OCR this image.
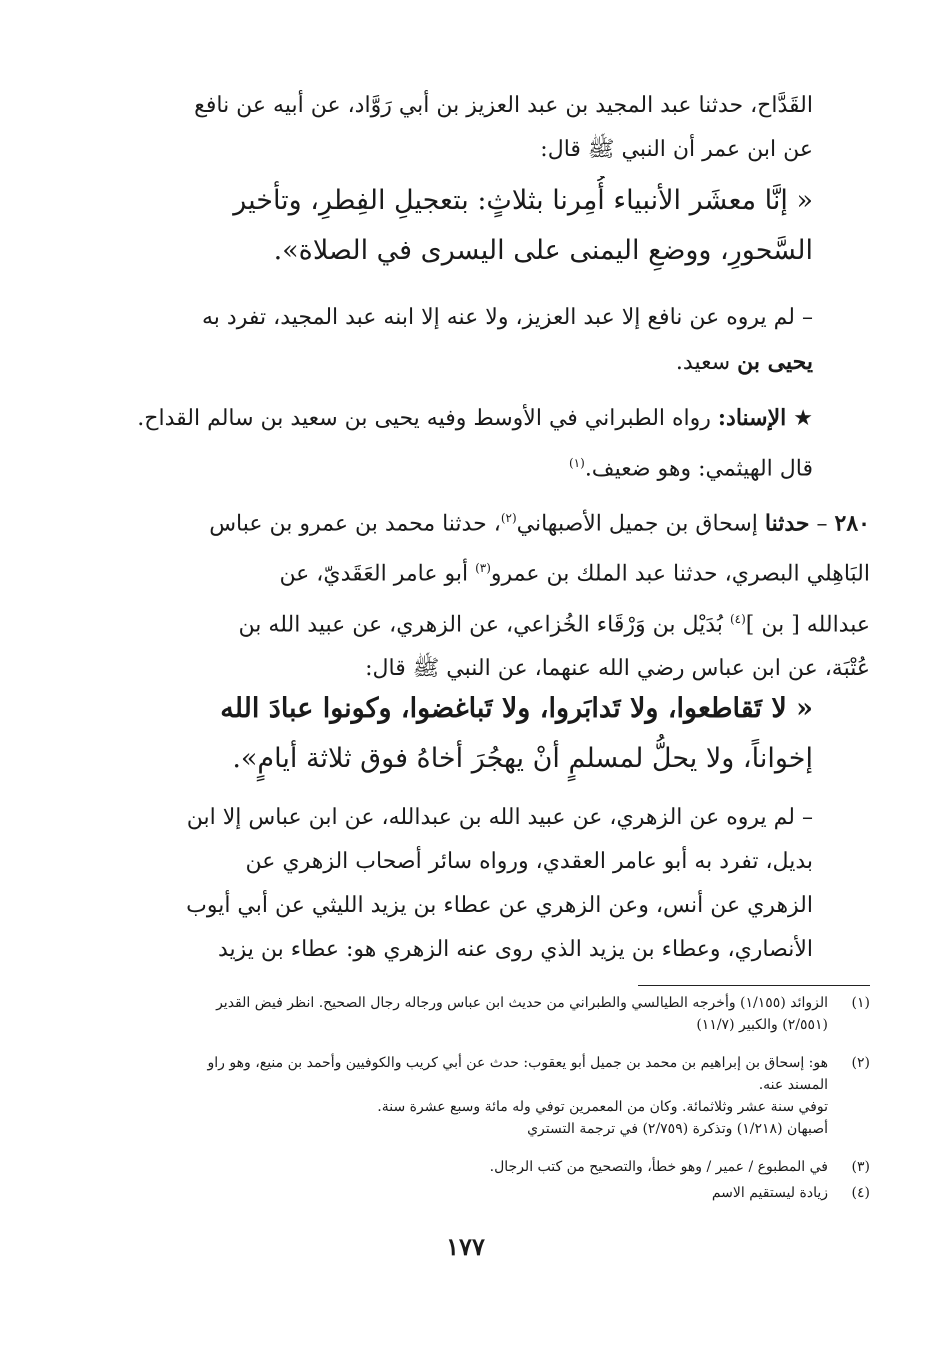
القَدَّاح، حدثنا عبد المجيد بن عبد العزيز بن أبي رَوَّاد، عن أبيه عن نافع
عن ابن عمر أن النبي ﷺ قال:
« إنَّا معشَر الأنبياء أُمِرنا بثلاثٍ: بتعجيلِ الفِطرِ، وتأخير
السَّحورِ، ووضعِ اليمنى على اليسرى في الصلاة».
– لم يروه عن نافع إلا عبد العزيز، ولا عنه إلا ابنه عبد المجيد، تفرد به
يحيى بن سعيد.
★ الإسناد: رواه الطبراني في الأوسط وفيه يحيى بن سعيد بن سالم القداح.
قال الهيثمي: وهو ضعيف.$^{(١)}$
٢٨٠ – حدثنا إسحاق بن جميل الأصبهاني$^{(٢)}$، حدثنا محمد بن عمرو بن عباس
البَاهِلي البصري، حدثنا عبد الملك بن عمرو$^{(٣)}$ أبو عامر العَقَديّ، عن
عبدالله [ بن ]$^{(٤)}$ بُدَيْل بن وَرْقَاء الخُزاعي، عن الزهري، عن عبيد الله بن
عُتْبَة، عن ابن عباس رضي الله عنهما، عن النبي ﷺ قال:
« لا تَقاطعوا، ولا تَدابَروا، ولا تَباغضوا، وكونوا عبادَ الله
إخواناً، ولا يحلُّ لمسلمٍ أنْ يهجُرَ أخاهُ فوق ثلاثة أيامٍ».
– لم يروه عن الزهري، عن عبيد الله بن عبدالله، عن ابن عباس إلا ابن
بديل، تفرد به أبو عامر العقدي، ورواه سائر أصحاب الزهري عن
الزهري عن أنس، وعن الزهري عن عطاء بن يزيد الليثي عن أبي أيوب
الأنصاري، وعطاء بن يزيد الذي روى عنه الزهري هو: عطاء بن يزيد
(١)
الزوائد (١/١٥٥) وأخرجه الطيالسي والطبراني من حديث ابن عباس ورجاله رجال الصحيح. انظر فيض القدير
(٢/٥٥١) والكبير (١١/٧)
(٢)
هو: إسحاق بن إبراهيم بن محمد بن جميل أبو يعقوب: حدث عن أبي كريب والكوفيين وأحمد بن منيع، وهو راو
المسند عنه.
توفي سنة عشر وثلاثمائة. وكان من المعمرين توفي وله مائة وسبع عشرة سنة.
أصبهان (١/٢١٨) وتذكرة (٢/٧٥٩) في ترجمة التستري
(٣)
في المطبوع / عمير / وهو خطأ، والتصحيح من كتب الرجال.
(٤)
زيادة ليستقيم الاسم
١٧٧
